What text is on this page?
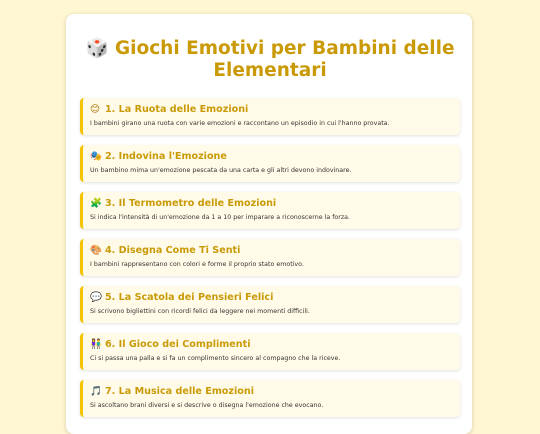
🎲 Giochi Emotivi per Bambini delle Elementari
😊 1. La Ruota delle Emozioni
I bambini girano una ruota con varie emozioni e raccontano un episodio in cui l'hanno provata.
🎭 2. Indovina l'Emozione
Un bambino mima un'emozione pescata da una carta e gli altri devono indovinare.
🧩 3. Il Termometro delle Emozioni
Si indica l'intensità di un'emozione da 1 a 10 per imparare a riconoscerne la forza.
🎨 4. Disegna Come Ti Senti
I bambini rappresentano con colori e forme il proprio stato emotivo.
💬 5. La Scatola dei Pensieri Felici
Si scrivono bigliettini con ricordi felici da leggere nei momenti difficili.
👫 6. Il Gioco dei Complimenti
Ci si passa una palla e si fa un complimento sincero al compagno che la riceve.
🎵 7. La Musica delle Emozioni
Si ascoltano brani diversi e si descrive o disegna l'emozione che evocano.
